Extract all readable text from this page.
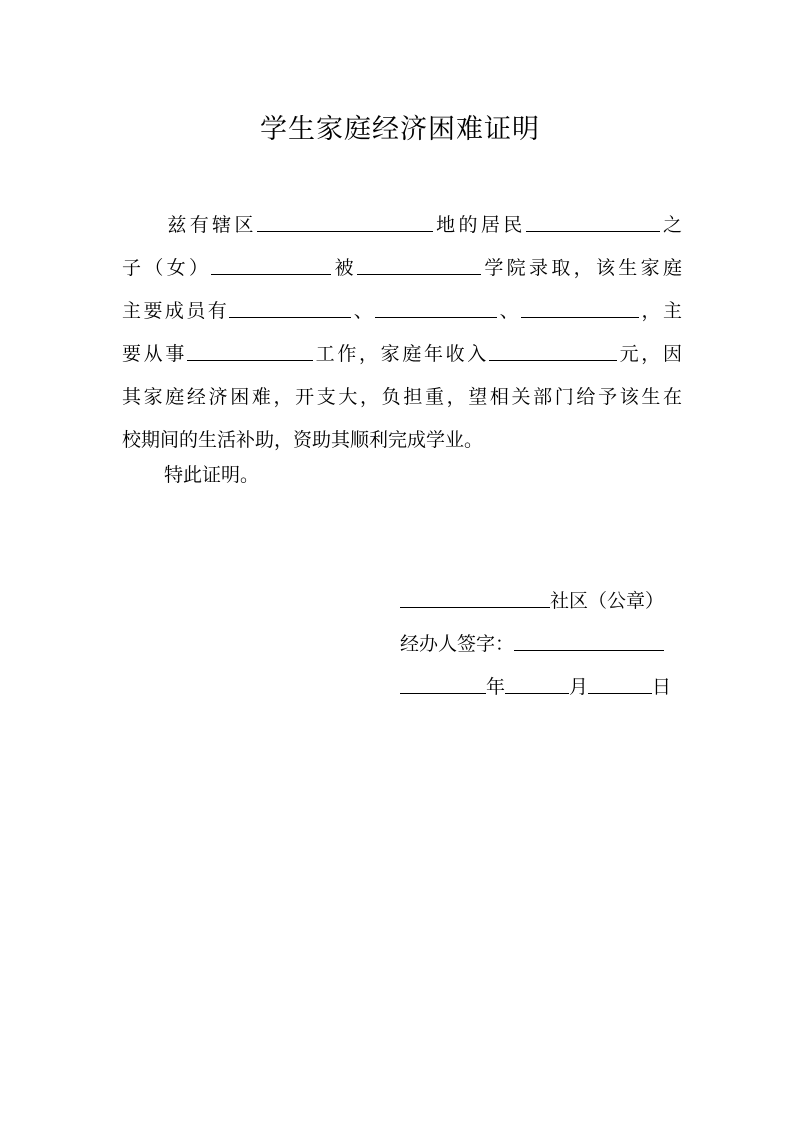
学生家庭经济困难证明
兹有辖区	地的居民	之
子（女）	被	学院录取，该生家庭
主要成员有	、	、	，主
要从事	工作，家庭年收入	元，因
其家庭经济困难，开支大，负担重，望相关部门给予该生在
校期间的生活补助，资助其顺利完成学业。
特此证明。
社区（公章）
经办人签字：
年	月	日
